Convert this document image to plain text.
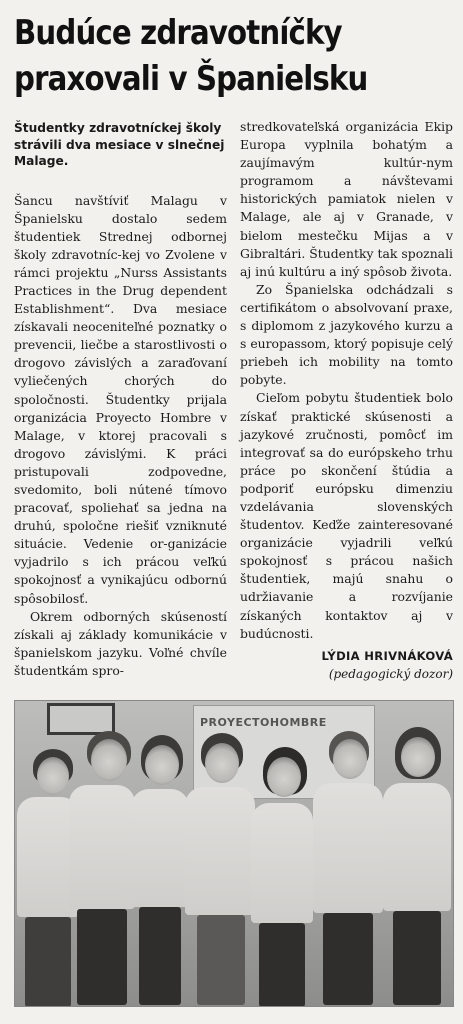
Budúce zdravotníčky
praxovali v Španielsku
Študentky zdravotníckej školy strávili dva mesiace v slnečnej Malage.

Šancu navštíviť Malagu v Španielsku dostalo sedem študentiek Strednej odbornej školy zdravotníc-kej vo Zvolene v rámci projektu „Nurss Assistants Practices in the Drug dependent Establishment“. Dva mesiace získavali neoceniteľné poznatky o prevencii, liečbe a starostlivosti o drogovo závislých a zaraďovaní vyliečených chorých do spoločnosti. Študentky prijala organizácia Proyecto Hombre v Malage, v ktorej pracovali s drogovo závislými. K práci pristupovali zodpovedne, svedomito, boli nútené tímovo pracovať, spoliehať sa jedna na druhú, spoločne riešiť vzniknuté situácie. Vedenie or-ganizácie vyjadrilo s ich prácou veľkú spokojnosť a vynikajúcu odbornú spôsobilosť.

Okrem odborných skúseností získali aj základy komunikácie v španielskom jazyku. Voľné chvíle študentkám spro-

stredkovateľská organizácia Ekip Europa vyplnila bohatým a zaujímavým kultúr-nym programom a návštevami historických pamiatok nielen v Malage, ale aj v Granade, v bielom mestečku Mijas a v Gibraltári. Študentky tak spoznali aj inú kultúru a iný spôsob života.

Zo Španielska odchádzali s certifikátom o absolvovaní praxe, s diplomom z jazykového kurzu a s europassom, ktorý popisuje celý priebeh ich mobility na tomto pobyte.

Cieľom pobytu študentiek bolo získať praktické skúsenosti a jazykové zručnosti, pomôcť im integrovať sa do európskeho trhu práce po skončení štúdia a podporiť európsku dimenziu vzdelávania slovenských študentov. Keďže zainteresované organizácie vyjadrili veľkú spokojnosť s prácou našich študentiek, majú snahu o udržiavanie a rozvíjanie získaných kontaktov aj v budúcnosti.

LÝDIA HRIVNÁKOVÁ
(pedagogický dozor)
PROYECTOHOMBRE
